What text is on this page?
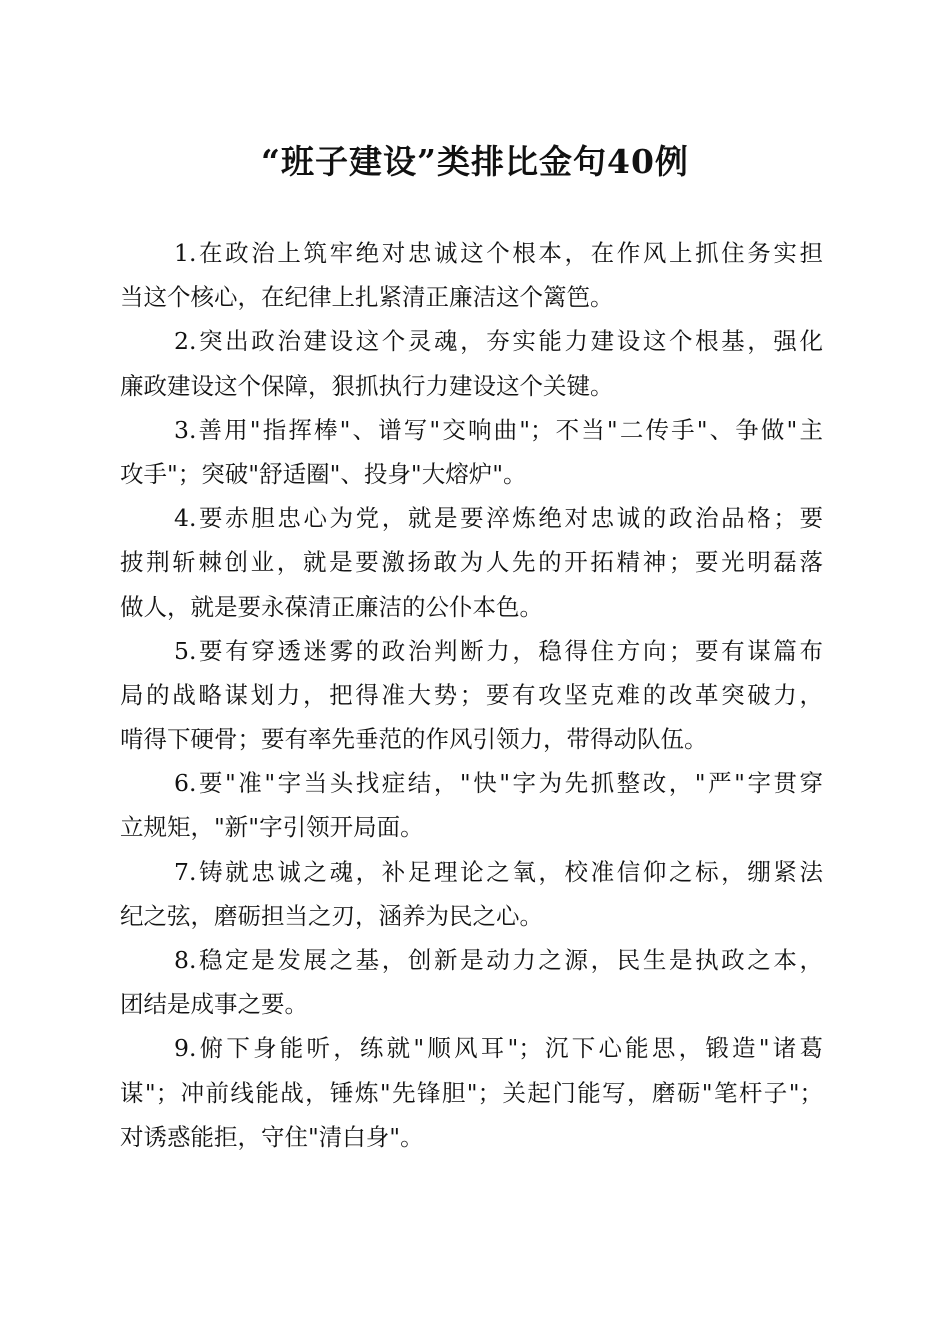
“班子建设”类排比金句40例
1.在政治上筑牢绝对忠诚这个根本，在作风上抓住务实担
当这个核心，在纪律上扎紧清正廉洁这个篱笆。
2.突出政治建设这个灵魂，夯实能力建设这个根基，强化
廉政建设这个保障，狠抓执行力建设这个关键。
3.善用"指挥棒"、谱写"交响曲"；不当"二传手"、争做"主
攻手"；突破"舒适圈"、投身"大熔炉"。
4.要赤胆忠心为党，就是要淬炼绝对忠诚的政治品格；要
披荆斩棘创业，就是要激扬敢为人先的开拓精神；要光明磊落
做人，就是要永葆清正廉洁的公仆本色。
5.要有穿透迷雾的政治判断力，稳得住方向；要有谋篇布
局的战略谋划力，把得准大势；要有攻坚克难的改革突破力，
啃得下硬骨；要有率先垂范的作风引领力，带得动队伍。
6.要"准"字当头找症结，"快"字为先抓整改，"严"字贯穿
立规矩，"新"字引领开局面。
7.铸就忠诚之魂，补足理论之氧，校准信仰之标，绷紧法
纪之弦，磨砺担当之刃，涵养为民之心。
8.稳定是发展之基，创新是动力之源，民生是执政之本，
团结是成事之要。
9.俯下身能听，练就"顺风耳"；沉下心能思，锻造"诸葛
谋"；冲前线能战，锤炼"先锋胆"；关起门能写，磨砺"笔杆子"；
对诱惑能拒，守住"清白身"。
